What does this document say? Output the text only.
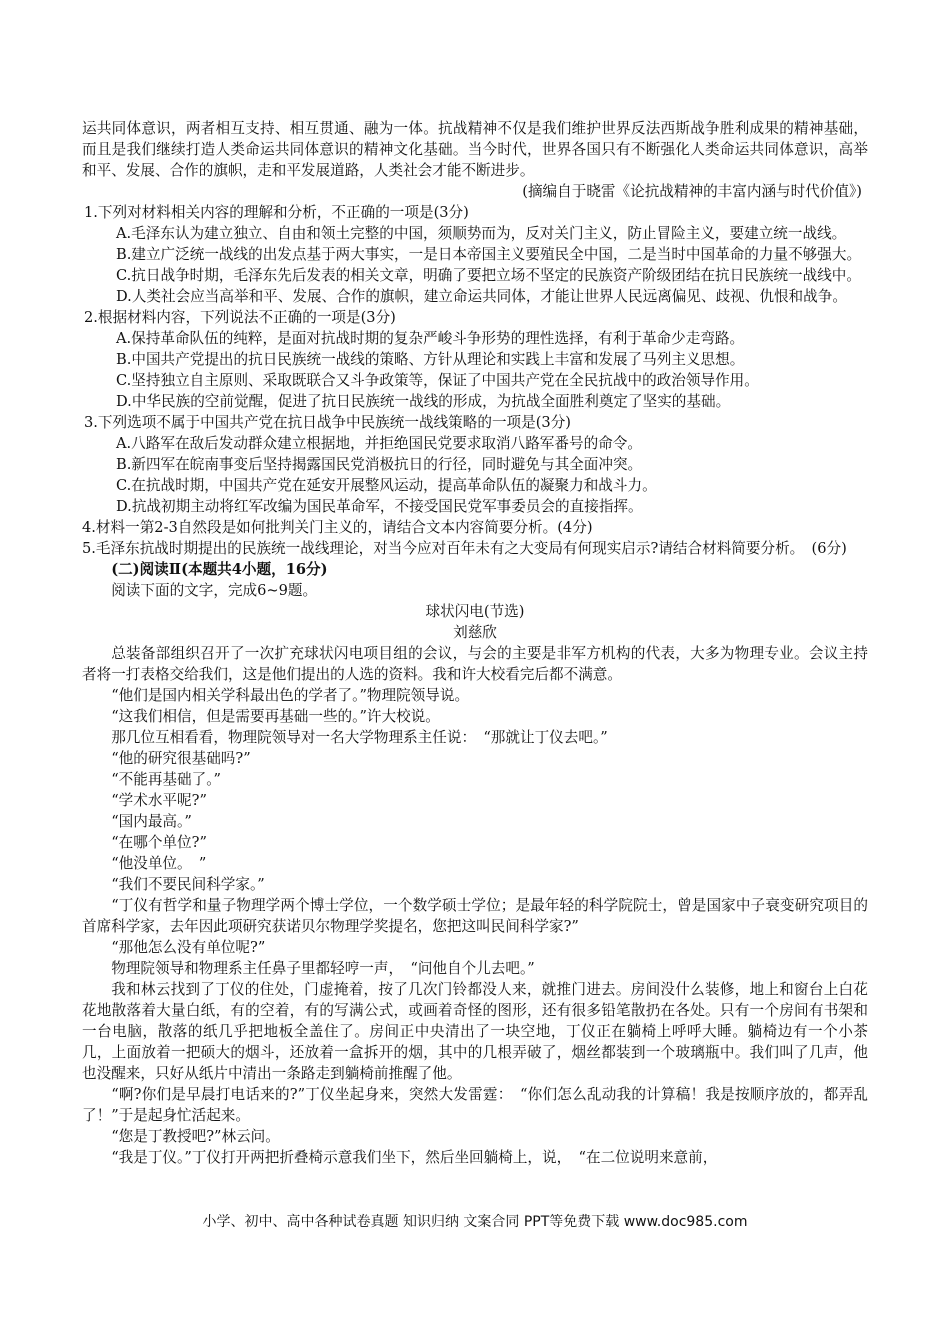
运共同体意识，两者相互支持、相互贯通、融为一体。抗战精神不仅是我们维护世界反法西斯战争胜利成果的精神基础，而且是我们继续打造人类命运共同体意识的精神文化基础。当今时代，世界各国只有不断强化人类命运共同体意识，高举和平、发展、合作的旗帜，走和平发展道路，人类社会才能不断进步。

(摘编自于晓雷《论抗战精神的丰富内涵与时代价值》)

1.下列对材料相关内容的理解和分析，不正确的一项是(3分)

A.毛泽东认为建立独立、自由和领土完整的中国，须顺势而为，反对关门主义，防止冒险主义，要建立统一战线。

B.建立广泛统一战线的出发点基于两大事实，一是日本帝国主义要殖民全中国，二是当时中国革命的力量不够强大。

C.抗日战争时期，毛泽东先后发表的相关文章，明确了要把立场不坚定的民族资产阶级团结在抗日民族统一战线中。

D.人类社会应当高举和平、发展、合作的旗帜，建立命运共同体，才能让世界人民远离偏见、歧视、仇恨和战争。

2.根据材料内容，下列说法不正确的一项是(3分)

A.保持革命队伍的纯粹，是面对抗战时期的复杂严峻斗争形势的理性选择，有利于革命少走弯路。

B.中国共产党提出的抗日民族统一战线的策略、方针从理论和实践上丰富和发展了马列主义思想。

C.坚持独立自主原则、采取既联合又斗争政策等，保证了中国共产党在全民抗战中的政治领导作用。

D.中华民族的空前觉醒，促进了抗日民族统一战线的形成，为抗战全面胜利奠定了坚实的基础。

3.下列选项不属于中国共产党在抗日战争中民族统一战线策略的一项是(3分)

A.八路军在敌后发动群众建立根据地，并拒绝国民党要求取消八路军番号的命令。

B.新四军在皖南事变后坚持揭露国民党消极抗日的行径，同时避免与其全面冲突。

C.在抗战时期，中国共产党在延安开展整风运动，提高革命队伍的凝聚力和战斗力。

D.抗战初期主动将红军改编为国民革命军，不接受国民党军事委员会的直接指挥。

4.材料一第2-3自然段是如何批判关门主义的，请结合文本内容简要分析。(4分)

5.毛泽东抗战时期提出的民族统一战线理论，对当今应对百年未有之大变局有何现实启示?请结合材料简要分析。　(6分)

(二)阅读Ⅱ(本题共4小题，16分)

阅读下面的文字，完成6~9题。

球状闪电(节选)

刘慈欣

总装备部组织召开了一次扩充球状闪电项目组的会议，与会的主要是非军方机构的代表，大多为物理专业。会议主持者将一打表格交给我们，这是他们提出的人选的资料。我和许大校看完后都不满意。

“他们是国内相关学科最出色的学者了。”物理院领导说。

“这我们相信，但是需要再基础一些的。”许大校说。

那几位互相看看，物理院领导对一名大学物理系主任说：　“那就让丁仪去吧。”

“他的研究很基础吗?”

“不能再基础了。”

“学术水平呢?”

“国内最高。”

“在哪个单位?”

“他没单位。　”

“我们不要民间科学家。”

“丁仪有哲学和量子物理学两个博士学位，一个数学硕士学位；是最年轻的科学院院士，曾是国家中子衰变研究项目的首席科学家，去年因此项研究获诺贝尔物理学奖提名，您把这叫民间科学家?”

“那他怎么没有单位呢?”

物理院领导和物理系主任鼻子里都轻哼一声，　“问他自个儿去吧。”

我和林云找到了丁仪的住处，门虚掩着，按了几次门铃都没人来，就推门进去。房间没什么装修，地上和窗台上白花花地散落着大量白纸，有的空着，有的写满公式，或画着奇怪的图形，还有很多铅笔散扔在各处。只有一个房间有书架和一台电脑，散落的纸几乎把地板全盖住了。房间正中央清出了一块空地，丁仪正在躺椅上呼呼大睡。躺椅边有一个小茶几，上面放着一把硕大的烟斗，还放着一盒拆开的烟，其中的几根弄破了，烟丝都装到一个玻璃瓶中。我们叫了几声，他也没醒来，只好从纸片中清出一条路走到躺椅前推醒了他。

“啊?你们是早晨打电话来的?”丁仪坐起身来，突然大发雷霆：　“你们怎么乱动我的计算稿！我是按顺序放的，都弄乱了！”于是起身忙活起来。

“您是丁教授吧?”林云问。

“我是丁仪。”丁仪打开两把折叠椅示意我们坐下，然后坐回躺椅上，说，　“在二位说明来意前，

小学、初中、高中各种试卷真题 知识归纳 文案合同 PPT等免费下载 www.doc985.com
